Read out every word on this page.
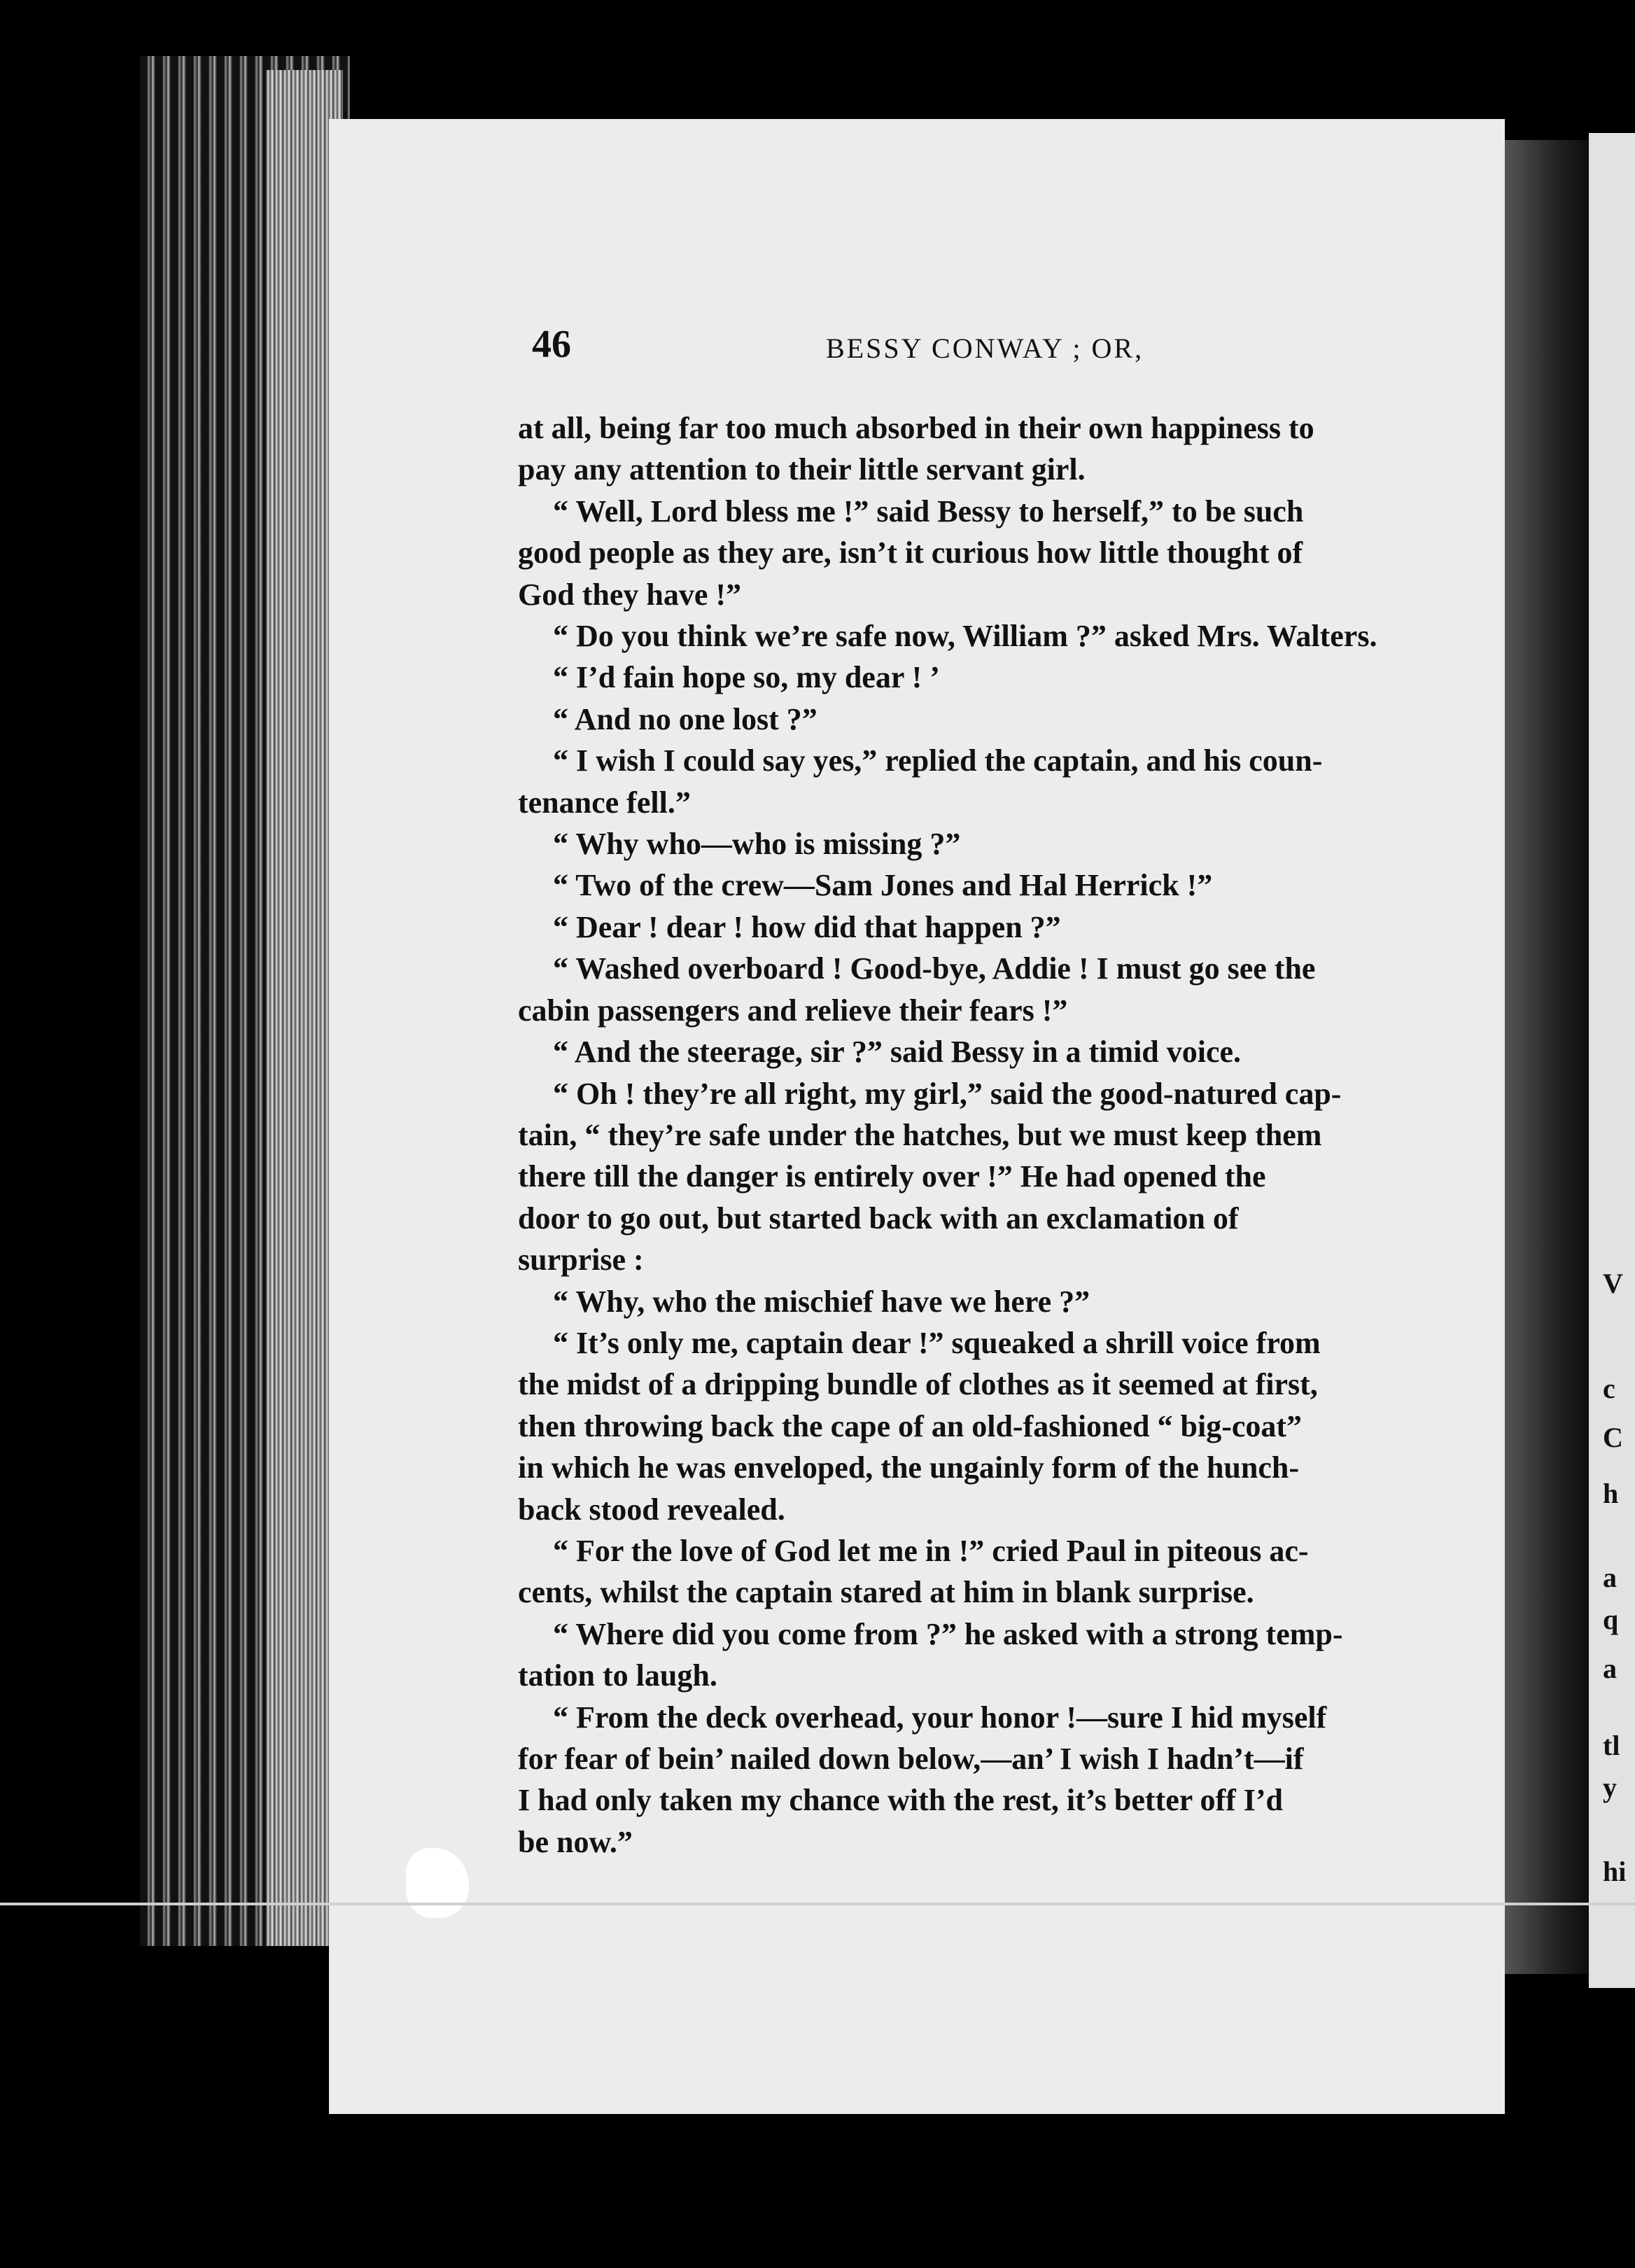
V
c
C
h
a
q
a
tl
y
hi
46	BESSY CONWAY ; OR,
at all, being far too much absorbed in their own happiness to
pay any attention to their little servant girl.
“ Well, Lord bless me !” said Bessy to herself,” to be such
good people as they are, isn’t it curious how little thought of
God they have !”
“ Do you think we’re safe now, William ?” asked Mrs. Walters.
“ I’d fain hope so, my dear ! ’
“ And no one lost ?”
“ I wish I could say yes,” replied the captain, and his coun-
tenance fell.”
“ Why who—who is missing ?”
“ Two of the crew—Sam Jones and Hal Herrick !”
“ Dear ! dear ! how did that happen ?”
“ Washed overboard ! Good-bye, Addie ! I must go see the
cabin passengers and relieve their fears !”
“ And the steerage, sir ?” said Bessy in a timid voice.
“ Oh ! they’re all right, my girl,” said the good-natured cap-
tain, “ they’re safe under the hatches, but we must keep them
there till the danger is entirely over !” He had opened the
door to go out, but started back with an exclamation of
surprise :
“ Why, who the mischief have we here ?”
“ It’s only me, captain dear !” squeaked a shrill voice from
the midst of a dripping bundle of clothes as it seemed at first,
then throwing back the cape of an old-fashioned “ big-coat”
in which he was enveloped, the ungainly form of the hunch-
back stood revealed.
“ For the love of God let me in !” cried Paul in piteous ac-
cents, whilst the captain stared at him in blank surprise.
“ Where did you come from ?” he asked with a strong temp-
tation to laugh.
“ From the deck overhead, your honor !—sure I hid myself
for fear of bein’ nailed down below,—an’ I wish I hadn’t—if
I had only taken my chance with the rest, it’s better off I’d
be now.”
